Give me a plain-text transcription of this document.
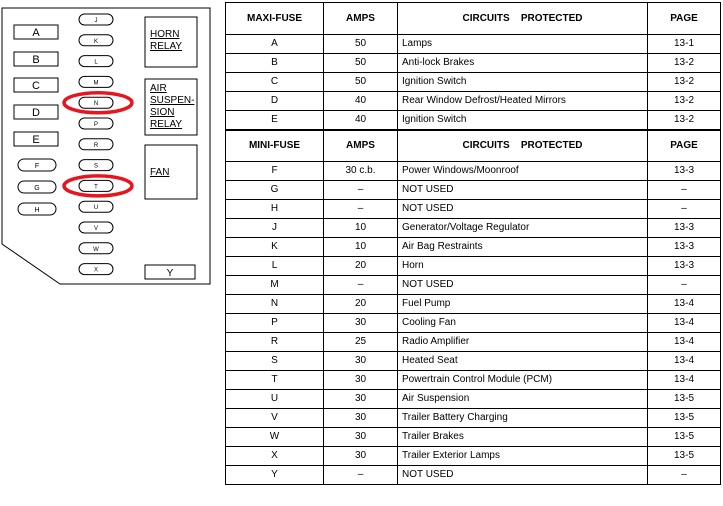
A
B
C
D
E
F
G
H
J
K
L
M
N
P
R
S
T
U
V
W
X
HORN
RELAY
AIR
SUSPEN-
SION
RELAY
FAN
Y
MAXI-FUSE	AMPS	CIRCUITS    PROTECTED	PAGE
A	50	Lamps	13-1
B	50	Anti-lock Brakes	13-2
C	50	Ignition Switch	13-2
D	40	Rear Window Defrost/Heated Mirrors	13-2
E	40	Ignition Switch	13-2
MINI-FUSE	AMPS	CIRCUITS    PROTECTED	PAGE
F	30 c.b.	Power Windows/Moonroof	13-3
G	–	NOT USED	–
H	–	NOT USED	–
J	10	Generator/Voltage Regulator	13-3
K	10	Air Bag Restraints	13-3
L	20	Horn	13-3
M	–	NOT USED	–
N	20	Fuel Pump	13-4
P	30	Cooling Fan	13-4
R	25	Radio Amplifier	13-4
S	30	Heated Seat	13-4
T	30	Powertrain Control Module (PCM)	13-4
U	30	Air Suspension	13-5
V	30	Trailer Battery Charging	13-5
W	30	Trailer Brakes	13-5
X	30	Trailer Exterior Lamps	13-5
Y	–	NOT USED	–
